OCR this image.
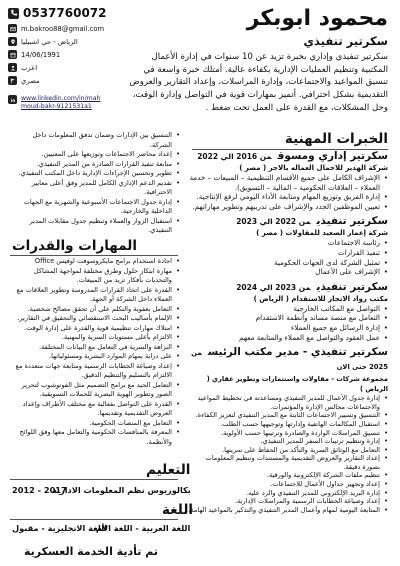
محمود ابوبكر
سكرتير تنفيذي
سكرتير تنفيذي وإداري بخبرة تزيد عن 10 سنوات في إدارة الأعمال المكتبية وتنظيم العمليات الإدارية بكفاءة عالية. أمتلك خبرة واسعة في تنسيق المواعيد والاجتماعات، وإدارة المراسلات، وإعداد التقارير والعروض التقديمية بشكل احترافي. أتميز بمهارات قوية في التواصل وإدارة الوقت، وحل المشكلات، مع القدرة على العمل تحت ضغط .
0537760072
m.bakroo88@gmail.com
الرياض - حي اشبيليا
14/06/1991
اعزب
مصري
in www.linkedin.com/in/mah moud-bakr-9121531a1
الخبرات المهنية
سكرتير إداري ومسوقمن 2016 الي 2022
شركة الهدير للاحمال العماله بالاجر ( مصر )
• الإشراف الكامل على جميع الأقسام التنظيمية – المبيعات – خدمة العملاء – العلاقات الحكومية – المالية – التسويق).
• إدارة الفريق وتوزيع المهام ومتابعة الأداء اليومي لرفع الإنتاجية.
• تعيين الموظفين الجدد والإشراف على تدريبهم وتطوير مهاراتهم.
سكرتير تنفيذيمن 2022 الي 2023
شركة إعمار الصعيد للمقاولات ( مصر )
• رئاسة الاجتماعات
• تنفيذ القرارات
• تمثيل الشركة لدى الجهات الحكومية
• الإشراف على الأعمال
سكرتير تنفيذيمن 2023 الي 2024
مكتب رواد الانجاز للاستقدام ( الرياض )
• التواصل مع المكاتب الخارجية
• التعامل مع منصة مساند وأنظمة الاستقدام
• إدارة الرسائل مع جميع العملاء
• عمل العقود والتواصل مع العملاء والمتابعة معهم
سكرتير تنفيذي - مدير مكتب الرئيسمن 2025 حتى الان
مجموعة شركات - مقاولات واستثمارات وتطوير عقاري ( الرياض )
• إدارة جدول الأعمال للمدير التنفيذي ومساعدته في تخطيط المواعيد والاجتماعات مجالس الإدارة والمؤتمرات.
• التنسيق وتسيير الاجتماعات الثابتة مع المدير التنفيذي لتعزيز الكفاءة.
• استقبال المكالمات الهاتفية وإدارتها وتوجيهها حسب الطلب.
• تنسيق المراسلات الواردة والصادرة وترتيبها حسب الأولوية.
• إدارة وتنظيم ترتيبات السفر للمدير التنفيذي.
• التعامل مع الوثائق السرية والتأكد من الحفاظ على سريتها.
• إعداد التقارير والعروض التقديمية والمستندات وتنظيم المعلومات بصورة دقيقة.
• تنظيم ملفات الشركة الإلكترونية والورقية.
• إعداد وتجهيز جداول الأعمال للاجتماعات.
• إدارة البريد الإلكتروني للمدير التنفيذي والرد عليه.
• إعداد وصياغة الخطابات الرسمية والمراسلات الإدارية.
• المتابعة اليومية لمهام وأعمال المدير التنفيذي والتذكير بالمواعيد الهامة.
• التنسيق بين الإدارات وضمان تدفق المعلومات داخل الشركة.
• إعداد محاضر الاجتماعات وتوزيعها على المعنيين.
• متابعة تنفيذ القرارات الصادرة من المدير التنفيذي.
• تطوير وتحسين الإجراءات الإدارية داخل المكتب التنفيذي.
• تقديم الدعم الإداري الكامل للمدير وفق أعلى معايير الاحترافية.
• إدارة جدول الاجتماعات الأسبوعية والشهرية مع الجهات الداخلية والخارجية.
• استقبال الزوار والعملاء وتنظيم جدول مقابلات المدير التنفيذي.
المهارات والقدرات
• اجادة استخدام برامج مايكروسوفت اوفيس Office
• مهارة ابتكار حلول وطرق مختلفة لمواجهة المشاكل والتحديات بأفكار تزيد من المبيعات.
• القدرة على اتخاذ القرارات المدروسة وتطوير العلاقات مع العملاء داخل الشركة أو الجهة.
• التعامل بعفوية والتكلم على أن تحقق مصالح شخصية.
• الإلمام بأساليب البحث الاستقصائي والتحقيق في التقارير.
• امتلاك مهارات تنظيمية قوية والقدرة على إدارة الوقت.
• الالتزام بأعلى مستويات السرية والمهنية.
• النزاهة والسرية في التعامل مع البيانات المختلفة.
• على دراية بمهام الموارد البشرية ومسئولياتها.
• إعداد وصياغة الخطابات الرسمية ومتابعة جهات متعددة مع الالتزام بالتسليم والتنظيم الدقيق.
• التعامل الجيد مع برامج التصميم مثل الفوتوشوب لتحرير الصور وتطوير الهوية البصرية للحملات التسويقية.
• القدرة على التواصل بفعالية مع مختلف الأطراف وإعداد العروض التقديمية وتقديمها.
• التعامل مع المنصات الحكومية.
• المعرفة بالمنافسات الحكومية والتعامل معها وفق اللوائح والأنظمة.
التعليم
بكالوريوس نظم المعلومات الادارية
2012 - 2017
اللغة
اللغة العربية - اللغة الأم
اللغة الانجليزية - مقبول
تم تأدية الخدمة العسكرية
